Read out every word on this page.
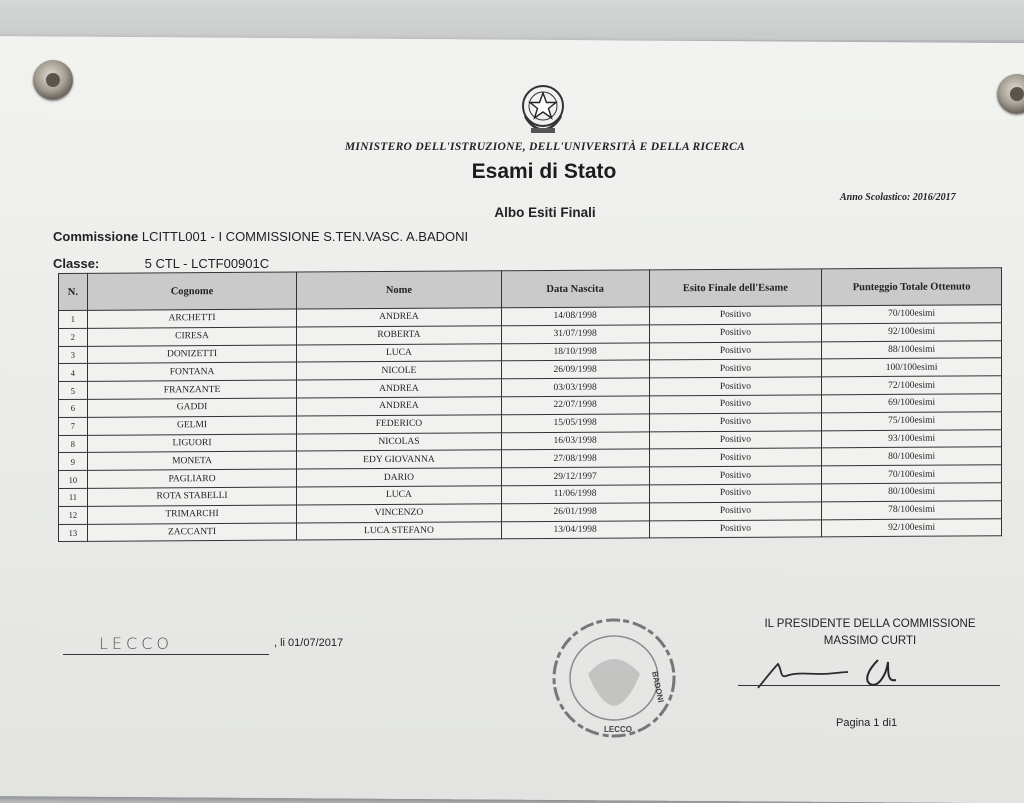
MINISTERO DELL'ISTRUZIONE, DELL'UNIVERSITÀ E DELLA RICERCA
Esami di Stato
Anno Scolastico: 2016/2017
Albo Esiti Finali
Commissione LCITTL001 - I COMMISSIONE S.TEN.VASC. A.BADONI
Classe:	5 CTL - LCTF00901C
N.	Cognome	Nome	Data Nascita	Esito Finale dell'Esame	Punteggio Totale Ottenuto
1	ARCHETTI	ANDREA	14/08/1998	Positivo	70/100esimi
2	CIRESA	ROBERTA	31/07/1998	Positivo	92/100esimi
3	DONIZETTI	LUCA	18/10/1998	Positivo	88/100esimi
4	FONTANA	NICOLE	26/09/1998	Positivo	100/100esimi
5	FRANZANTE	ANDREA	03/03/1998	Positivo	72/100esimi
6	GADDI	ANDREA	22/07/1998	Positivo	69/100esimi
7	GELMI	FEDERICO	15/05/1998	Positivo	75/100esimi
8	LIGUORI	NICOLAS	16/03/1998	Positivo	93/100esimi
9	MONETA	EDY GIOVANNA	27/08/1998	Positivo	80/100esimi
10	PAGLIARO	DARIO	29/12/1997	Positivo	70/100esimi
11	ROTA STABELLI	LUCA	11/06/1998	Positivo	80/100esimi
12	TRIMARCHI	VINCENZO	26/01/1998	Positivo	78/100esimi
13	ZACCANTI	LUCA STEFANO	13/04/1998	Positivo	92/100esimi
LECCO	, li 01/07/2017
BADONI
LECCO
IL PRESIDENTE DELLA COMMISSIONE
MASSIMO CURTI
Pagina 1 di1
